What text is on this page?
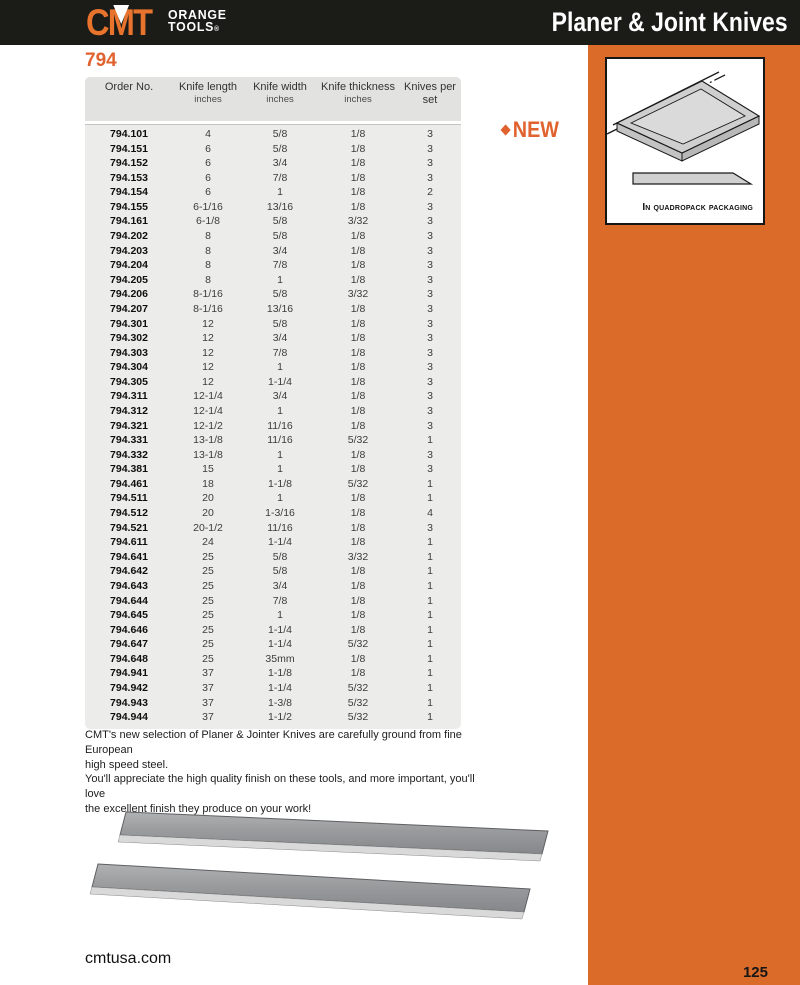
CMT ORANGE
TOOLS®	Planer & Joint Knives
In quadropack packaging
125
794
NEW
Order No.	Knife length
inches
Knife width
inches
Knife thickness
inches
Knives per set
794.101	4	5/8	1/8	3
794.151	6	5/8	1/8	3
794.152	6	3/4	1/8	3
794.153	6	7/8	1/8	3
794.154	6	1	1/8	2
794.155	6-1/16	13/16	1/8	3
794.161	6-1/8	5/8	3/32	3
794.202	8	5/8	1/8	3
794.203	8	3/4	1/8	3
794.204	8	7/8	1/8	3
794.205	8	1	1/8	3
794.206	8-1/16	5/8	3/32	3
794.207	8-1/16	13/16	1/8	3
794.301	12	5/8	1/8	3
794.302	12	3/4	1/8	3
794.303	12	7/8	1/8	3
794.304	12	1	1/8	3
794.305	12	1-1/4	1/8	3
794.311	12-1/4	3/4	1/8	3
794.312	12-1/4	1	1/8	3
794.321	12-1/2	11/16	1/8	3
794.331	13-1/8	11/16	5/32	1
794.332	13-1/8	1	1/8	3
794.381	15	1	1/8	3
794.461	18	1-1/8	5/32	1
794.511	20	1	1/8	1
794.512	20	1-3/16	1/8	4
794.521	20-1/2	11/16	1/8	3
794.611	24	1-1/4	1/8	1
794.641	25	5/8	3/32	1
794.642	25	5/8	1/8	1
794.643	25	3/4	1/8	1
794.644	25	7/8	1/8	1
794.645	25	1	1/8	1
794.646	25	1-1/4	1/8	1
794.647	25	1-1/4	5/32	1
794.648	25	35mm	1/8	1
794.941	37	1-1/8	1/8	1
794.942	37	1-1/4	5/32	1
794.943	37	1-3/8	5/32	1
794.944	37	1-1/2	5/32	1
CMT's new selection of Planer & Jointer Knives are carefully ground from fine European
high speed steel.
You'll appreciate the high quality finish on these tools, and more important, you'll love
the excellent finish they produce on your work!
cmtusa.com
